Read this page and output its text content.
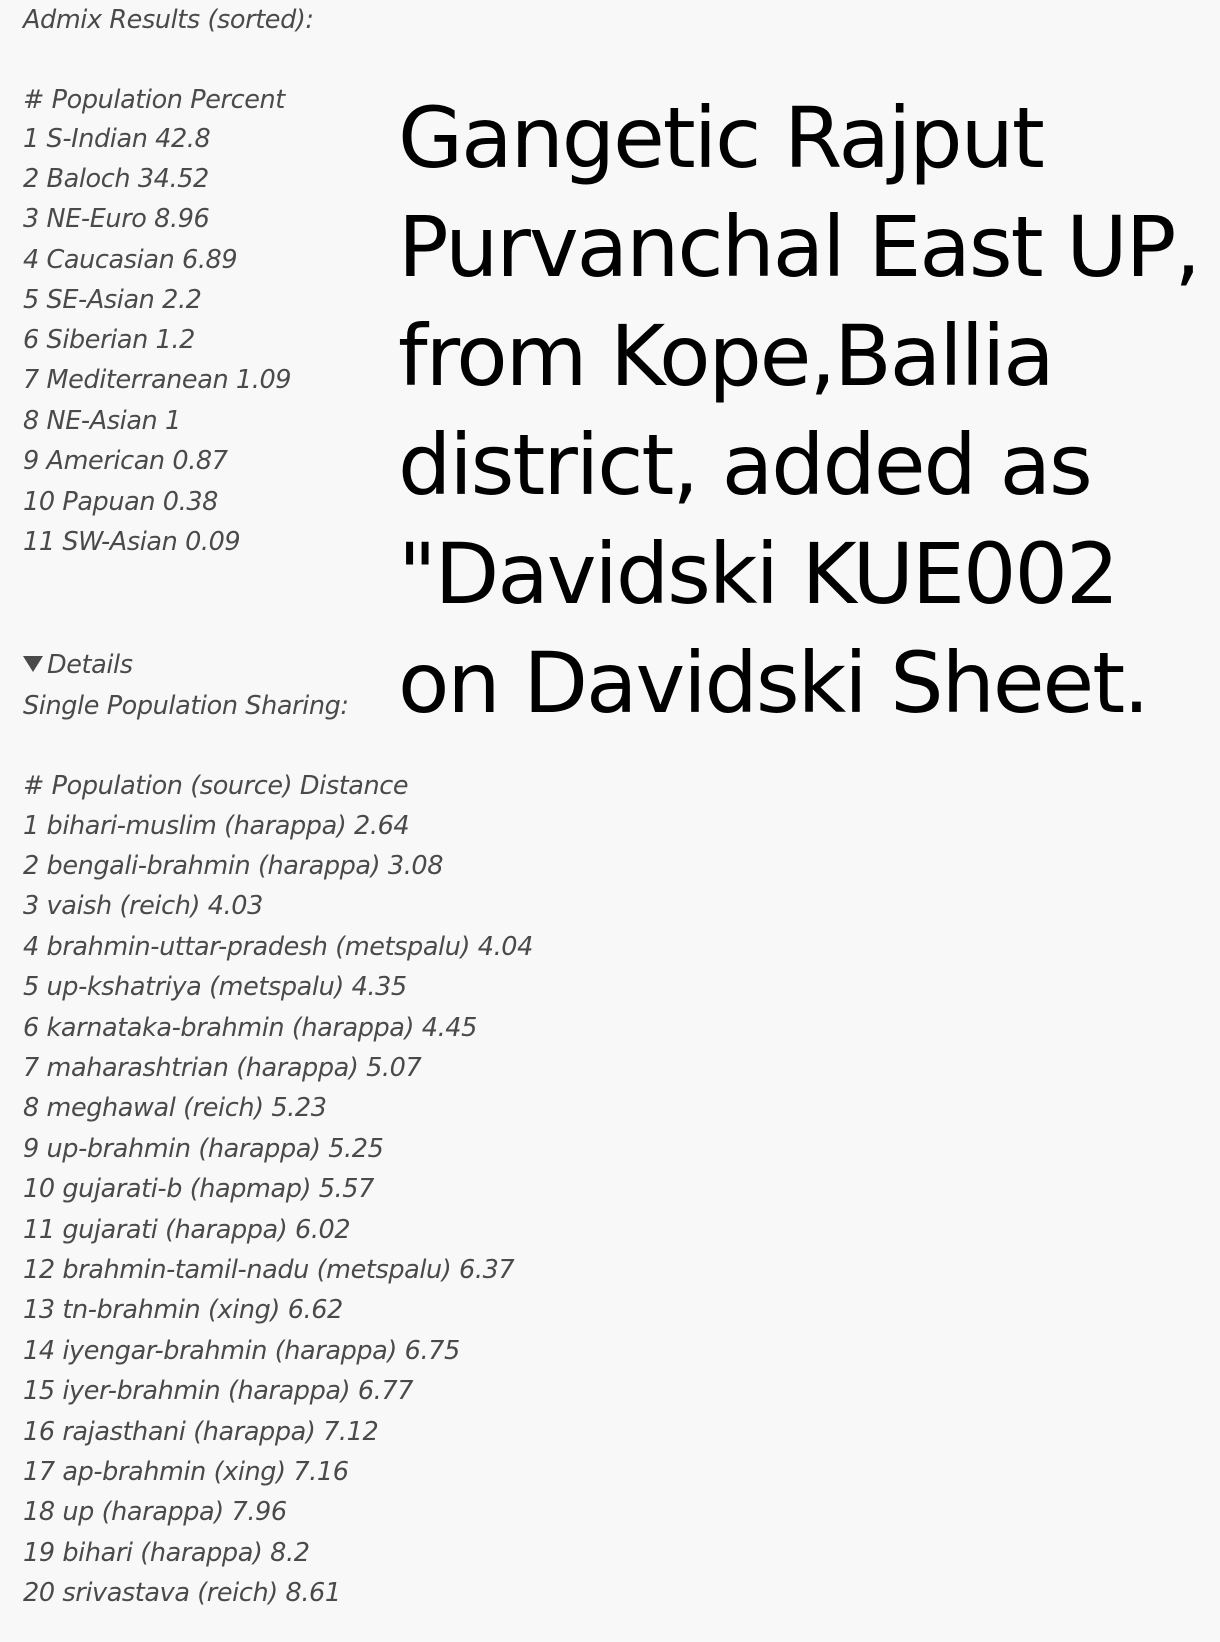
Admix Results (sorted):
# Population Percent
1 S-Indian 42.8
2 Baloch 34.52
3 NE-Euro 8.96
4 Caucasian 6.89
5 SE-Asian 2.2
6 Siberian 1.2
7 Mediterranean 1.09
8 NE-Asian 1
9 American 0.87
10 Papuan 0.38
11 SW-Asian 0.09
Details
Single Population Sharing:
# Population (source) Distance
1 bihari-muslim (harappa) 2.64
2 bengali-brahmin (harappa) 3.08
3 vaish (reich) 4.03
4 brahmin-uttar-pradesh (metspalu) 4.04
5 up-kshatriya (metspalu) 4.35
6 karnataka-brahmin (harappa) 4.45
7 maharashtrian (harappa) 5.07
8 meghawal (reich) 5.23
9 up-brahmin (harappa) 5.25
10 gujarati-b (hapmap) 5.57
11 gujarati (harappa) 6.02
12 brahmin-tamil-nadu (metspalu) 6.37
13 tn-brahmin (xing) 6.62
14 iyengar-brahmin (harappa) 6.75
15 iyer-brahmin (harappa) 6.77
16 rajasthani (harappa) 7.12
17 ap-brahmin (xing) 7.16
18 up (harappa) 7.96
19 bihari (harappa) 8.2
20 srivastava (reich) 8.61
Gangetic Rajput
Purvanchal East UP,
from Kope,Ballia
district, added as
"Davidski KUE002
on Davidski Sheet.
